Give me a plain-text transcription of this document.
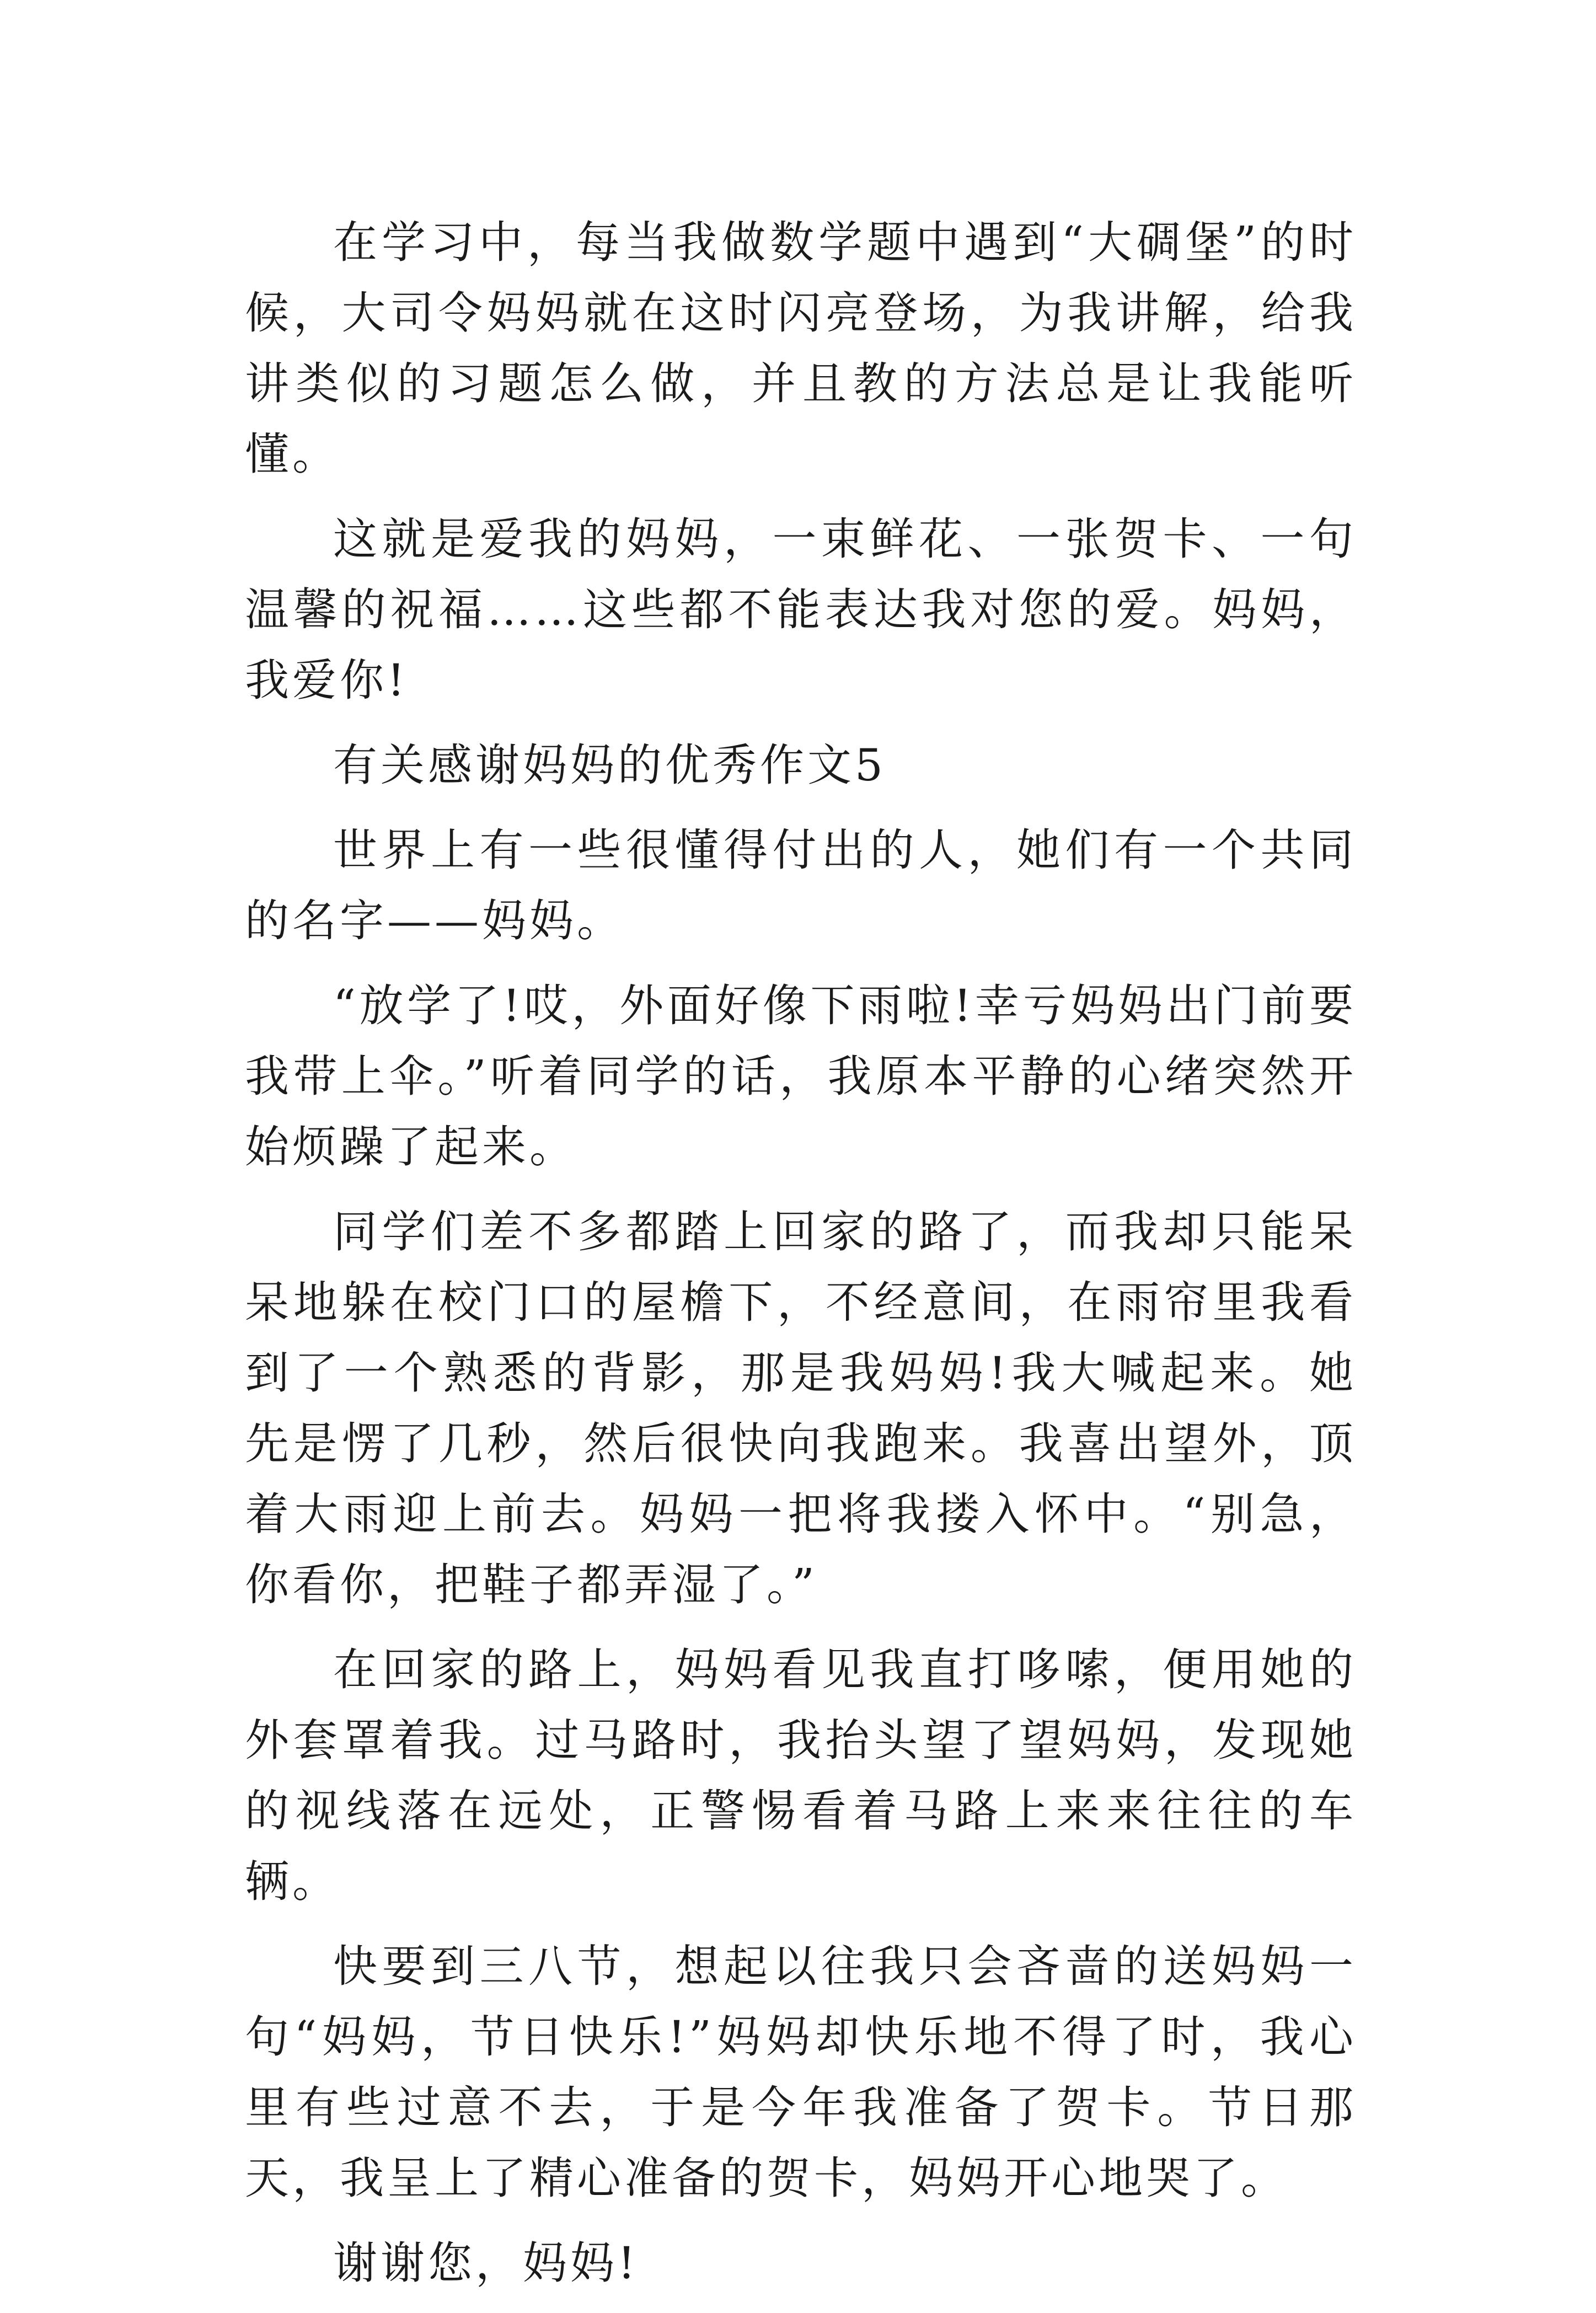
在学习中，每当我做数学题中遇到“大碉堡”的时候，大司令妈妈就在这时闪亮登场，为我讲解，给我讲类似的习题怎么做，并且教的方法总是让我能听懂。

这就是爱我的妈妈，一束鲜花、一张贺卡、一句温馨的祝福……这些都不能表达我对您的爱。妈妈，我爱你!

有关感谢妈妈的优秀作文5

世界上有一些很懂得付出的人，她们有一个共同的名字——妈妈。

“放学了!哎，外面好像下雨啦!幸亏妈妈出门前要我带上伞。”听着同学的话，我原本平静的心绪突然开始烦躁了起来。

同学们差不多都踏上回家的路了，而我却只能呆呆地躲在校门口的屋檐下，不经意间，在雨帘里我看到了一个熟悉的背影，那是我妈妈!我大喊起来。她先是愣了几秒，然后很快向我跑来。我喜出望外，顶着大雨迎上前去。妈妈一把将我搂入怀中。“别急，你看你，把鞋子都弄湿了。”

在回家的路上，妈妈看见我直打哆嗦，便用她的外套罩着我。过马路时，我抬头望了望妈妈，发现她的视线落在远处，正警惕看着马路上来来往往的车辆。

快要到三八节，想起以往我只会吝啬的送妈妈一句“妈妈，节日快乐!”妈妈却快乐地不得了时，我心里有些过意不去，于是今年我准备了贺卡。节日那天，我呈上了精心准备的贺卡，妈妈开心地哭了。

谢谢您，妈妈!
